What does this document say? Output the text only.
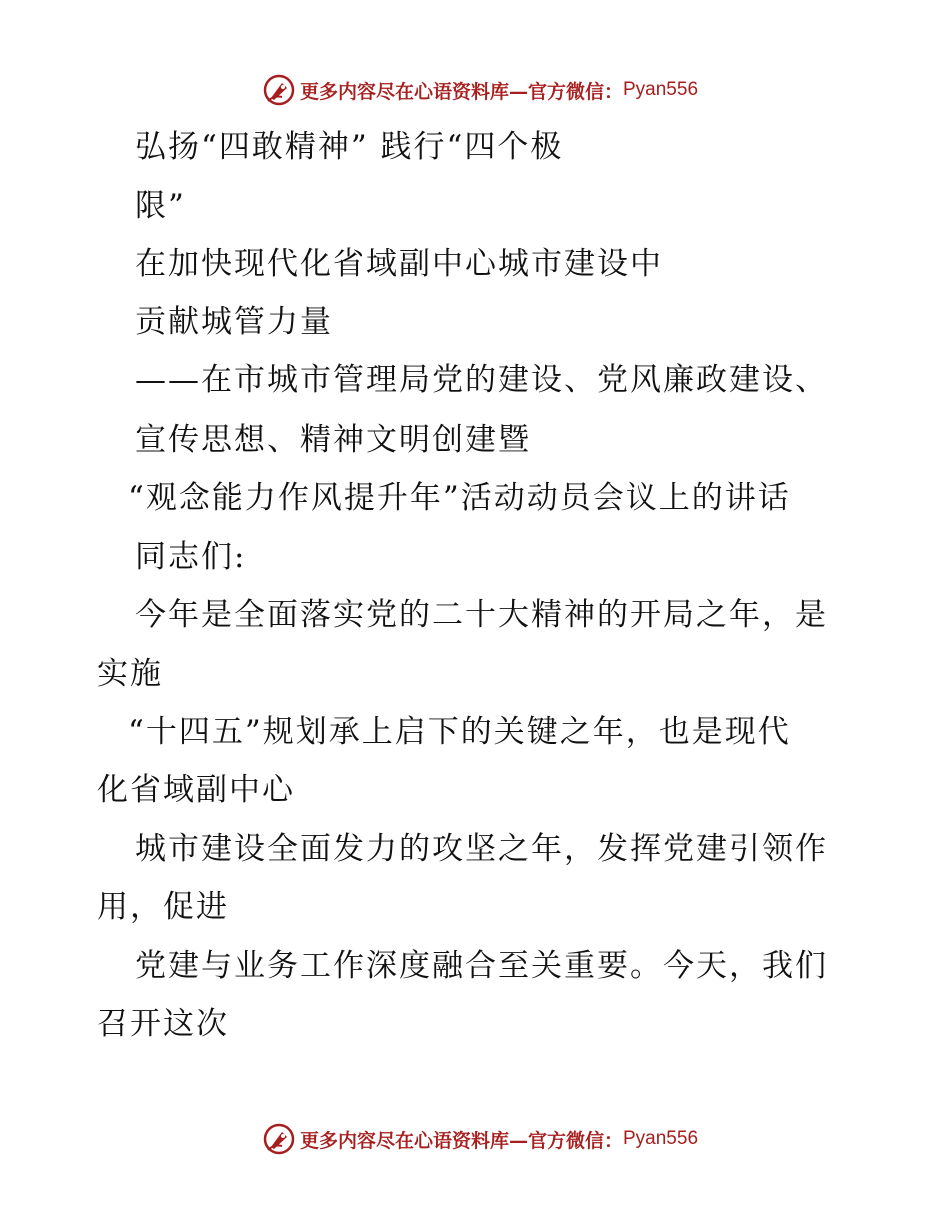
更多内容尽在心语资料库—官方微信： Pyan556
弘扬“四敢精神” 践行“四个极
限”
在加快现代化省域副中心城市建设中
贡献城管力量
——在市城市管理局党的建设、党风廉政建设、
宣传思想、精神文明创建暨
“观念能力作风提升年”活动动员会议上的讲话
同志们:
今年是全面落实党的二十大精神的开局之年，是
实施
“十四五”规划承上启下的关键之年，也是现代
化省域副中心
城市建设全面发力的攻坚之年，发挥党建引领作
用，促进
党建与业务工作深度融合至关重要。今天，我们
召开这次
更多内容尽在心语资料库—官方微信： Pyan556
